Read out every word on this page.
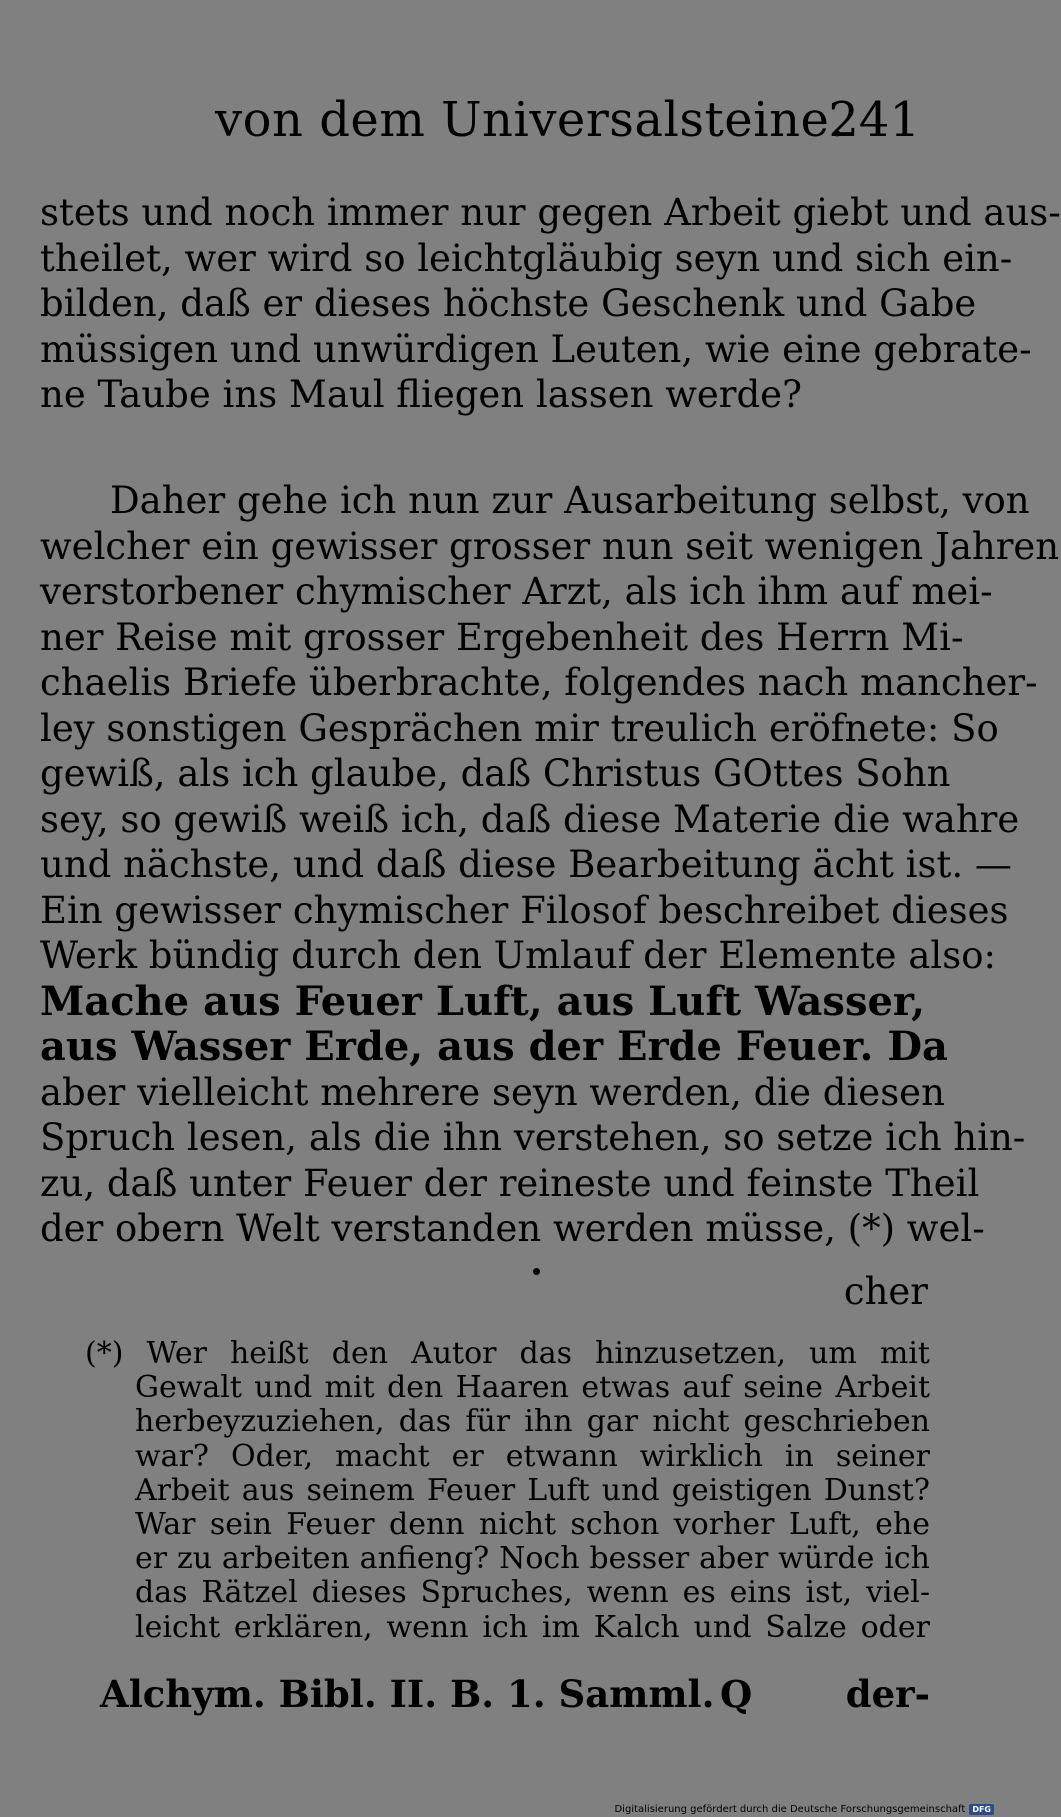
von dem Universalsteine.
241
stets und noch immer nur gegen Arbeit giebt und aus-
theilet, wer wird so leichtgläubig seyn und sich ein-
bilden, daß er dieses höchste Geschenk und Gabe
müssigen und unwürdigen Leuten, wie eine gebrate-
ne Taube ins Maul fliegen lassen werde?
Daher gehe ich nun zur Ausarbeitung selbst, von
welcher ein gewisser grosser nun seit wenigen Jahren
verstorbener chymischer Arzt, als ich ihm auf mei-
ner Reise mit grosser Ergebenheit des Herrn Mi-
chaelis Briefe überbrachte, folgendes nach mancher-
ley sonstigen Gesprächen mir treulich eröfnete: So
gewiß, als ich glaube, daß Christus GOttes Sohn
sey, so gewiß weiß ich, daß diese Materie die wahre
und nächste, und daß diese Bearbeitung ächt ist. —
Ein gewisser chymischer Filosof beschreibet dieses
Werk bündig durch den Umlauf der Elemente also:
Mache aus Feuer Luft, aus Luft Wasser,
aus Wasser Erde, aus der Erde Feuer. Da
aber vielleicht mehrere seyn werden, die diesen
Spruch lesen, als die ihn verstehen, so setze ich hin-
zu, daß unter Feuer der reineste und feinste Theil
der obern Welt verstanden werden müsse, (*) wel-
cher
(*) Wer heißt den Autor das hinzusetzen, um mit
Gewalt und mit den Haaren etwas auf seine Arbeit
herbeyzuziehen, das für ihn gar nicht geschrieben
war? Oder, macht er etwann wirklich in seiner
Arbeit aus seinem Feuer Luft und geistigen Dunst?
War sein Feuer denn nicht schon vorher Luft, ehe
er zu arbeiten anfieng? Noch besser aber würde ich
das Rätzel dieses Spruches, wenn es eins ist, viel-
leicht erklären, wenn ich im Kalch und Salze oder
Alchym. Bibl. II. B. 1. Samml. Q	der-
Digitalisierung gefördert durch die Deutsche Forschungsgemeinschaft DFG
